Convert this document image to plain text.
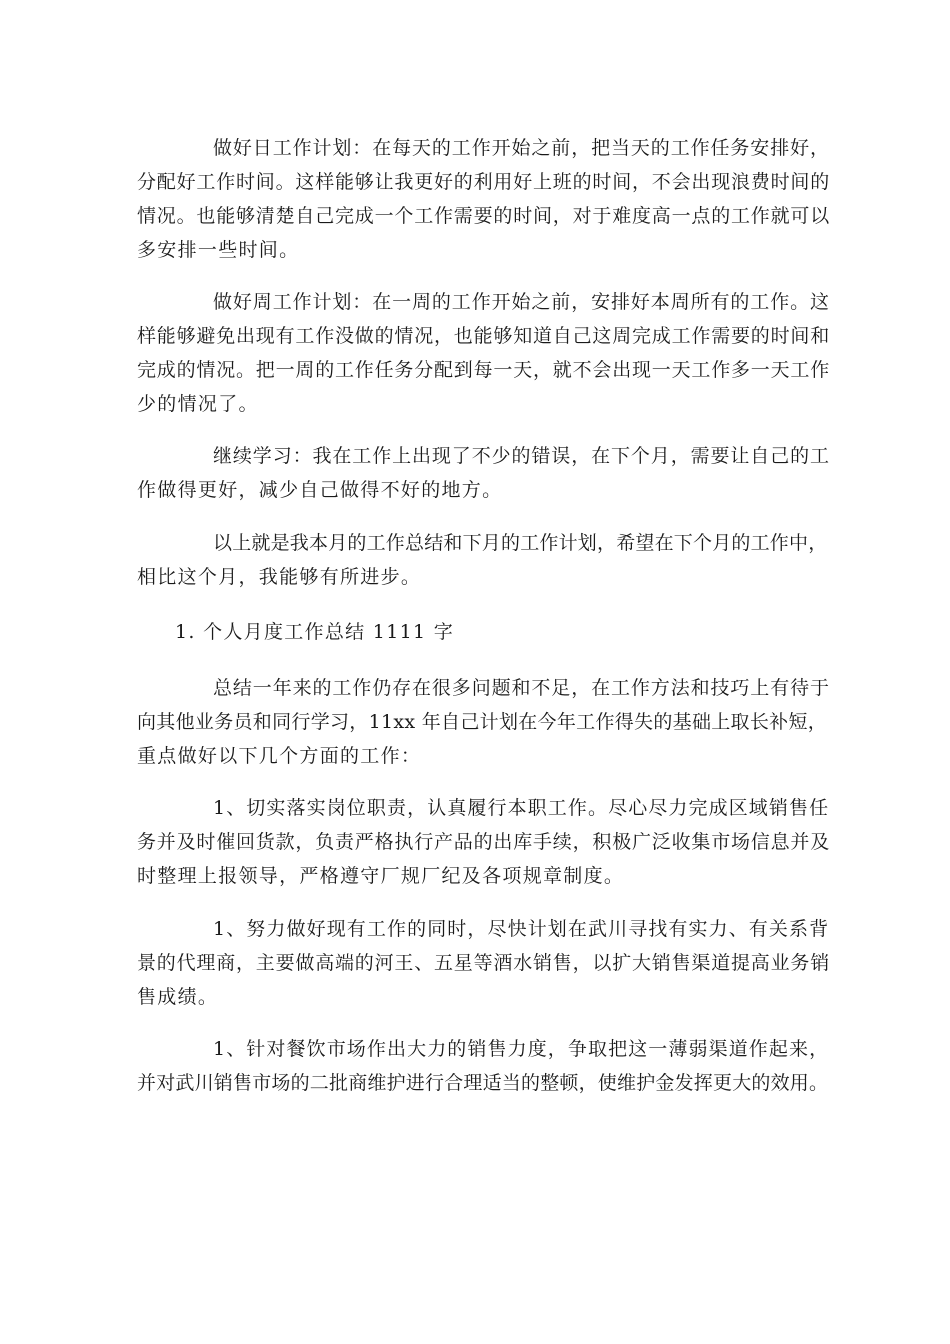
做好日工作计划：在每天的工作开始之前，把当天的工作任务安排好，
分配好工作时间。这样能够让我更好的利用好上班的时间，不会出现浪费时间的
情况。也能够清楚自己完成一个工作需要的时间，对于难度高一点的工作就可以
多安排一些时间。
做好周工作计划：在一周的工作开始之前，安排好本周所有的工作。这
样能够避免出现有工作没做的情况，也能够知道自己这周完成工作需要的时间和
完成的情况。把一周的工作任务分配到每一天，就不会出现一天工作多一天工作
少的情况了。
继续学习：我在工作上出现了不少的错误，在下个月，需要让自己的工
作做得更好，减少自己做得不好的地方。
以上就是我本月的工作总结和下月的工作计划，希望在下个月的工作中，
相比这个月，我能够有所进步。
1. 个人月度工作总结 1111 字
总结一年来的工作仍存在很多问题和不足，在工作方法和技巧上有待于
向其他业务员和同行学习，11xx 年自己计划在今年工作得失的基础上取长补短，
重点做好以下几个方面的工作：
1、切实落实岗位职责，认真履行本职工作。尽心尽力完成区域销售任
务并及时催回货款，负责严格执行产品的出库手续，积极广泛收集市场信息并及
时整理上报领导，严格遵守厂规厂纪及各项规章制度。
1、努力做好现有工作的同时，尽快计划在武川寻找有实力、有关系背
景的代理商，主要做高端的河王、五星等酒水销售，以扩大销售渠道提高业务销
售成绩。
1、针对餐饮市场作出大力的销售力度，争取把这一薄弱渠道作起来，
并对武川销售市场的二批商维护进行合理适当的整顿，使维护金发挥更大的效用。
